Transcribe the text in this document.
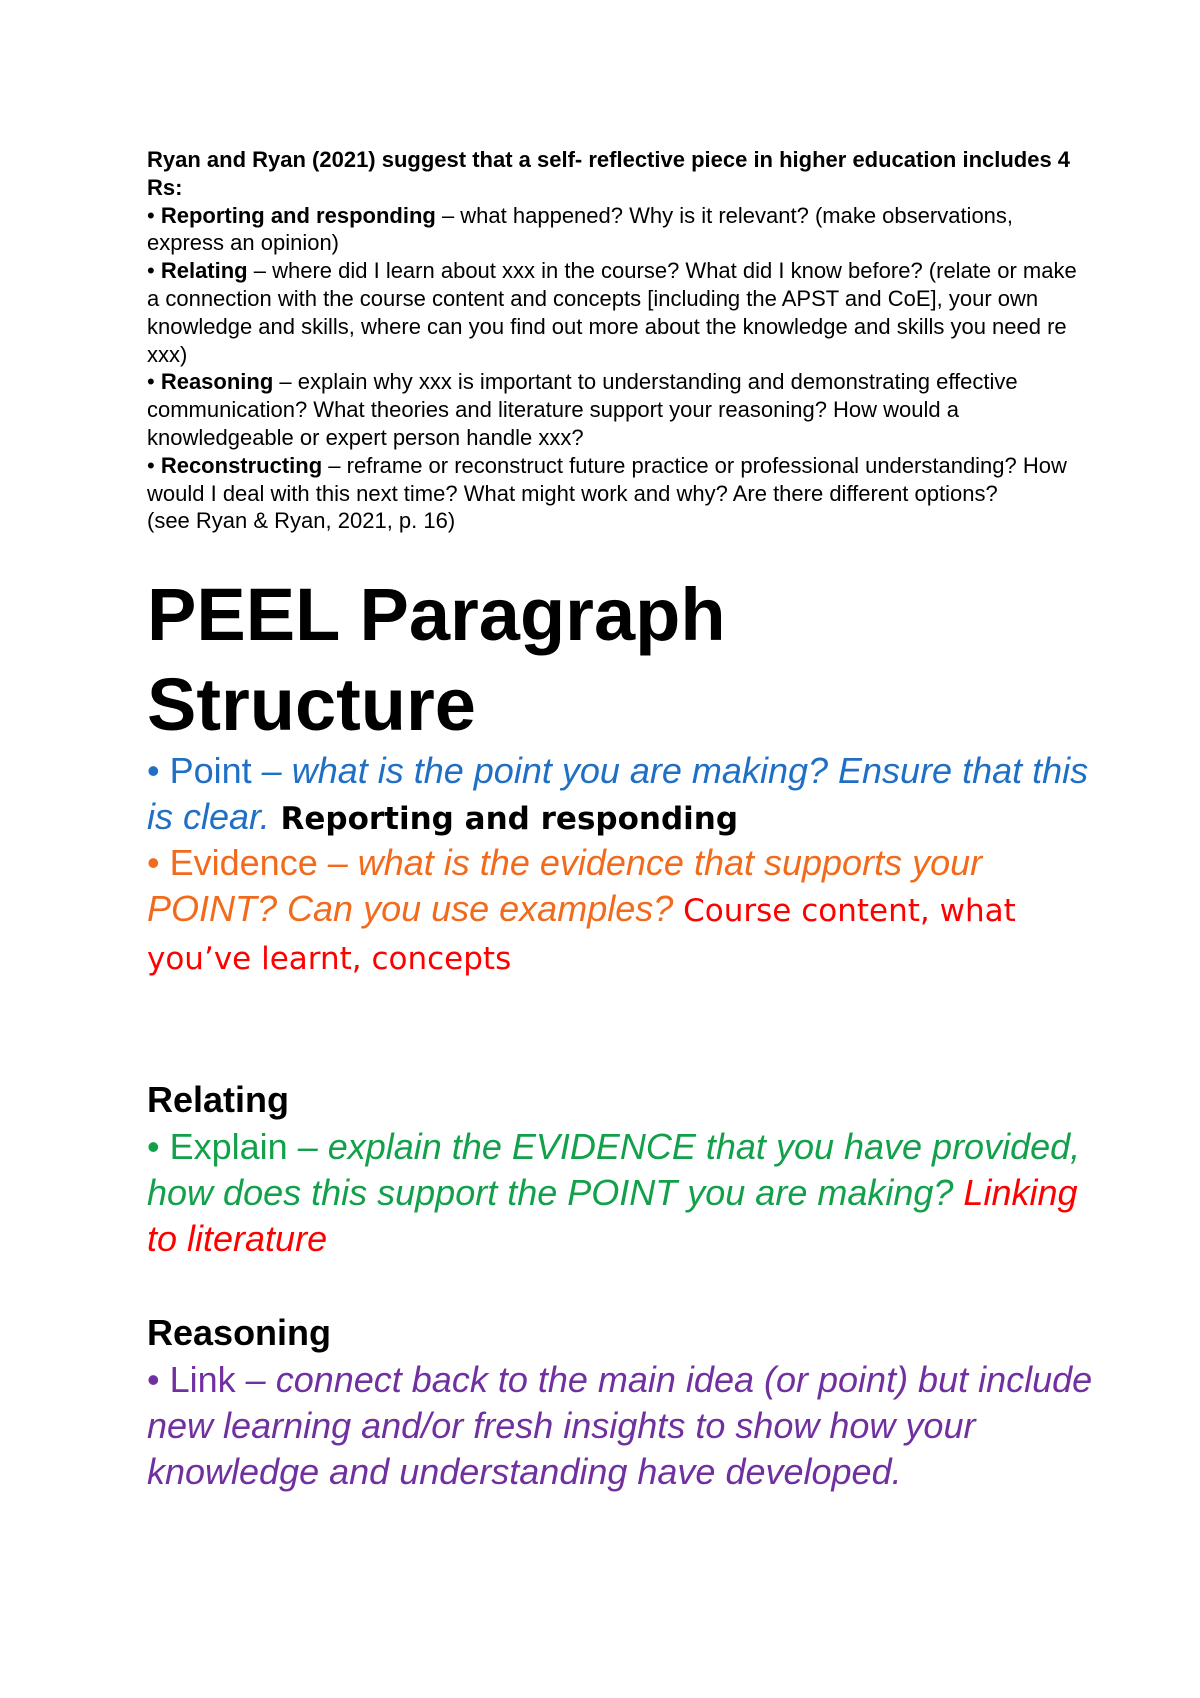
Ryan and Ryan (2021) suggest that a self- reflective piece in higher education includes 4 Rs:

• Reporting and responding – what happened? Why is it relevant? (make observations, express an opinion)

• Relating – where did I learn about xxx in the course? What did I know before? (relate or make a connection with the course content and concepts [including the APST and CoE], your own knowledge and skills, where can you find out more about the knowledge and skills you need re xxx)

• Reasoning – explain why xxx is important to understanding and demonstrating effective communication? What theories and literature support your reasoning? How would a knowledgeable or expert person handle xxx?

• Reconstructing – reframe or reconstruct future practice or professional understanding? How would I deal with this next time? What might work and why? Are there different options?

(see Ryan & Ryan, 2021, p. 16)

PEEL Paragraph
Structure

• Point – what is the point you are making? Ensure that this is clear. Reporting and responding

• Evidence – what is the evidence that supports your POINT? Can you use examples? Course content, what you’ve learnt, concepts

Relating

• Explain – explain the EVIDENCE that you have provided, how does this support the POINT you are making? Linking to literature

Reasoning

• Link – connect back to the main idea (or point) but include new learning and/or fresh insights to show how your knowledge and understanding have developed.
